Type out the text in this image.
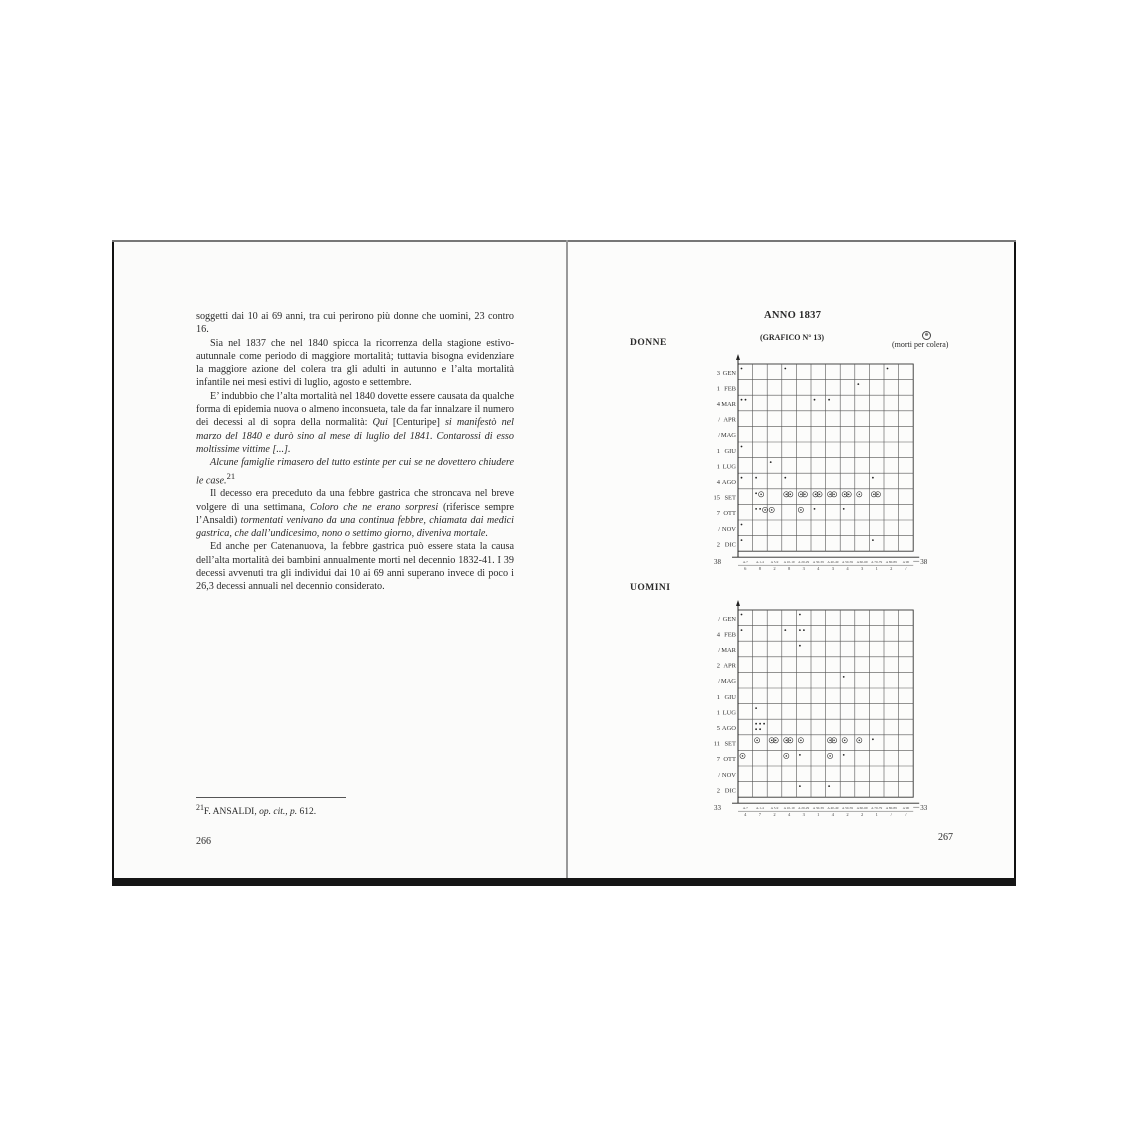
soggetti dai 10 ai 69 anni, tra cui perirono più donne che uomini, 23 contro 16.

Sia nel 1837 che nel 1840 spicca la ricorrenza della stagione estivo-autunnale come periodo di maggiore mortalità; tuttavia bisogna evidenziare la maggiore azione del colera tra gli adulti in autunno e l’alta mortalità infantile nei mesi estivi di luglio, agosto e settembre.

E’ indubbio che l’alta mortalità nel 1840 dovette essere causata da qualche forma di epidemia nuova o almeno inconsueta, tale da far innalzare il numero dei decessi al di sopra della normalità: Qui [Centuripe] si manifestò nel marzo del 1840 e durò sino al mese di luglio del 1841. Contarossi di esso moltissime vittime [...].

Alcune famiglie rimasero del tutto estinte per cui se ne dovettero chiudere le case.$^{21}$

Il decesso era preceduto da una febbre gastrica che stroncava nel breve volgere di una settimana, Coloro che ne erano sorpresi (riferisce sempre l’Ansaldi) tormentati venivano da una continua febbre, chiamata dai medici gastrica, che dall’undicesimo, nono o settimo giorno, diveniva mortale.

Ed anche per Catenanuova, la febbre gastrica può essere stata la causa dell’alta mortalità dei bambini annualmente morti nel decennio 1832-41. I 39 decessi avvenuti tra gli individui dai 10 ai 69 anni superano invece di poco i 26,3 decessi annuali nel decennio considerato.

$^{21}$F. ANSALDI, op. cit., p. 612.
266
ANNO 1837
(GRAFICO N° 13)
DONNE
⊕
(morti per colera)
3 GEN
1 FEB
4 MAR
/ APR
/ MAG
1 GIU
1 LUG
4 AGO
15 SET
7 OTT
/ NOV
2 DIC
A.7
6
A.1-4
8
A 5-9
2
A 10-19
8
A 20-29
3
A 30-39
4
A 40-49
3
A 50-59
4
A 60-69
3
A 70-79
1
A 80-89
2
A 90
/
38	38
UOMINI
/ GEN
4 FEB
/ MAR
2 APR
/ MAG
1 GIU
1 LUG
5 AGO
11 SET
7 OTT
/ NOV
2 DIC
A.7
4
A.1-4
7
A 5-9
2
A 10-19
4
A 20-29
3
A 30-39
1
A 40-49
4
A 50-59
2
A 60-69
2
A 70-79
1
A 80-89
/
A 90
/
33	33
267
